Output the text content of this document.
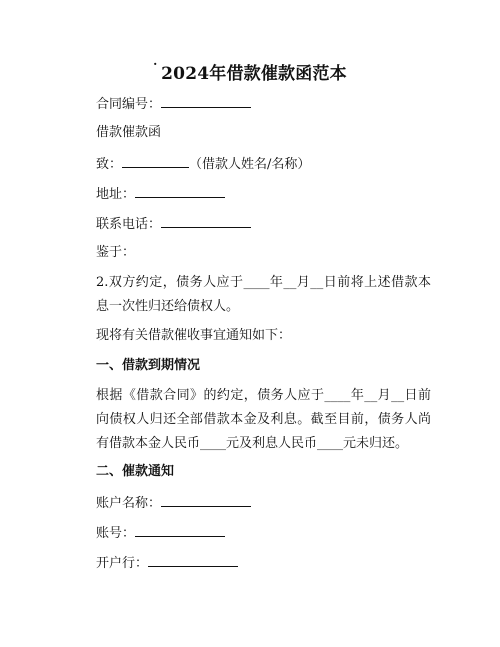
· 2024年借款催款函范本
合同编号：
借款催款函
致：	（借款人姓名/名称）
地址：
联系电话：
鉴于：
2.双方约定，债务人应于____年__月__日前将上述借款本息一次性归还给债权人。
现将有关借款催收事宜通知如下：
一、借款到期情况
根据《借款合同》的约定，债务人应于____年__月__日前向债权人归还全部借款本金及利息。截至目前，债务人尚有借款本金人民币____元及利息人民币____元未归还。
二、催款通知
账户名称：
账号：
开户行：
